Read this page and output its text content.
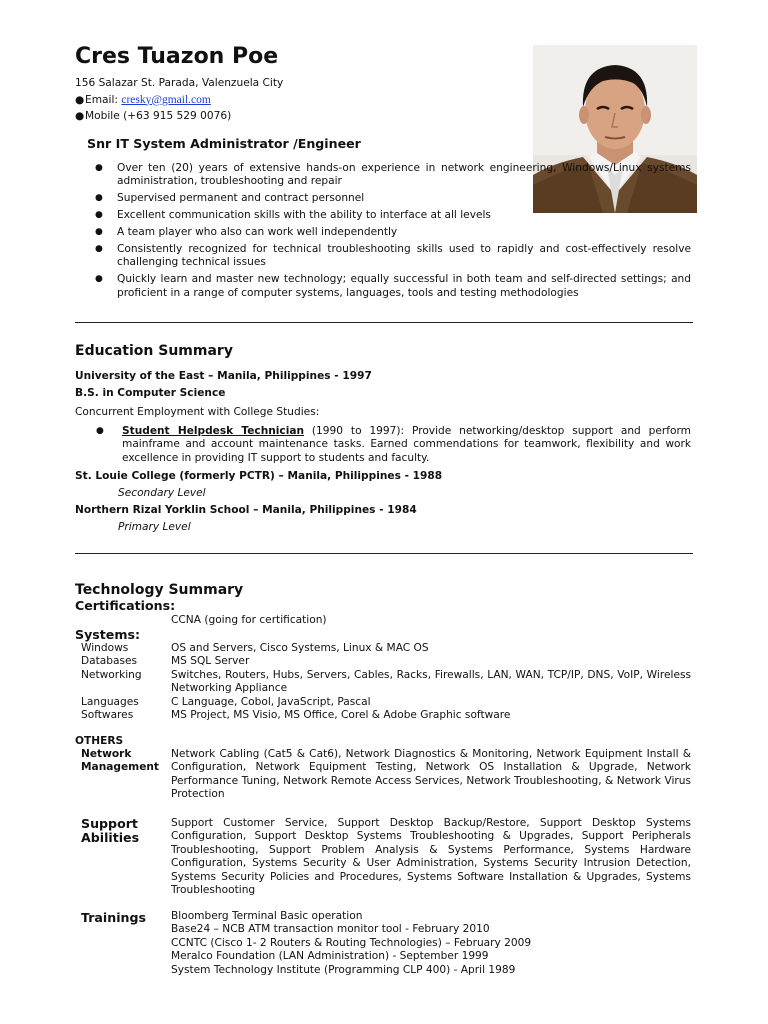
Cres Tuazon Poe
156 Salazar St. Parada, Valenzuela City
●Email: cresky@gmail.com
●Mobile (+63 915 529 0076)
Snr IT System Administrator /Engineer
● Over ten (20) years of extensive hands-on experience in network engineering, Windows/Linux systems administration, troubleshooting and repair
● Supervised permanent and contract personnel
● Excellent communication skills with the ability to interface at all levels
● A team player who also can work well independently
● Consistently recognized for technical troubleshooting skills used to rapidly and cost-effectively resolve challenging technical issues
● Quickly learn and master new technology; equally successful in both team and self-directed settings; and proficient in a range of computer systems, languages, tools and testing methodologies
Education Summary
University of the East – Manila, Philippines - 1997
B.S. in Computer Science
Concurrent Employment with College Studies:
● Student Helpdesk Technician (1990 to 1997): Provide networking/desktop support and perform mainframe and account maintenance tasks. Earned commendations for teamwork, flexibility and work excellence in providing IT support to students and faculty.
St. Louie College (formerly PCTR) – Manila, Philippines - 1988
Secondary Level
Northern Rizal Yorklin School – Manila, Philippines - 1984
Primary Level
Technology Summary
Certifications:
CCNA (going for certification)
Systems:
Windows	OS and Servers, Cisco Systems, Linux & MAC OS
Databases	MS SQL Server
Networking	Switches, Routers, Hubs, Servers, Cables, Racks, Firewalls, LAN, WAN, TCP/IP, DNS, VoIP, Wireless Networking Appliance
Languages	C Language, Cobol, JavaScript, Pascal
Softwares	MS Project, MS Visio, MS Office, Corel & Adobe Graphic software
OTHERS
Network
Management
Network Cabling (Cat5 & Cat6), Network Diagnostics & Monitoring, Network Equipment Install & Configuration, Network Equipment Testing, Network OS Installation & Upgrade, Network Performance Tuning, Network Remote Access Services, Network Troubleshooting, & Network Virus Protection
Support
Abilities
Support Customer Service, Support Desktop Backup/Restore, Support Desktop Systems Configuration, Support Desktop Systems Troubleshooting & Upgrades, Support Peripherals Troubleshooting, Support Problem Analysis & Systems Performance, Systems Hardware Configuration, Systems Security & User Administration, Systems Security Intrusion Detection, Systems Security Policies and Procedures, Systems Software Installation & Upgrades, Systems Troubleshooting
Trainings Bloomberg Terminal Basic operation
Base24 – NCB ATM transaction monitor tool - February 2010
CCNTC (Cisco 1- 2 Routers & Routing Technologies) – February 2009
Meralco Foundation (LAN Administration) - September 1999
System Technology Institute (Programming CLP 400) - April 1989
